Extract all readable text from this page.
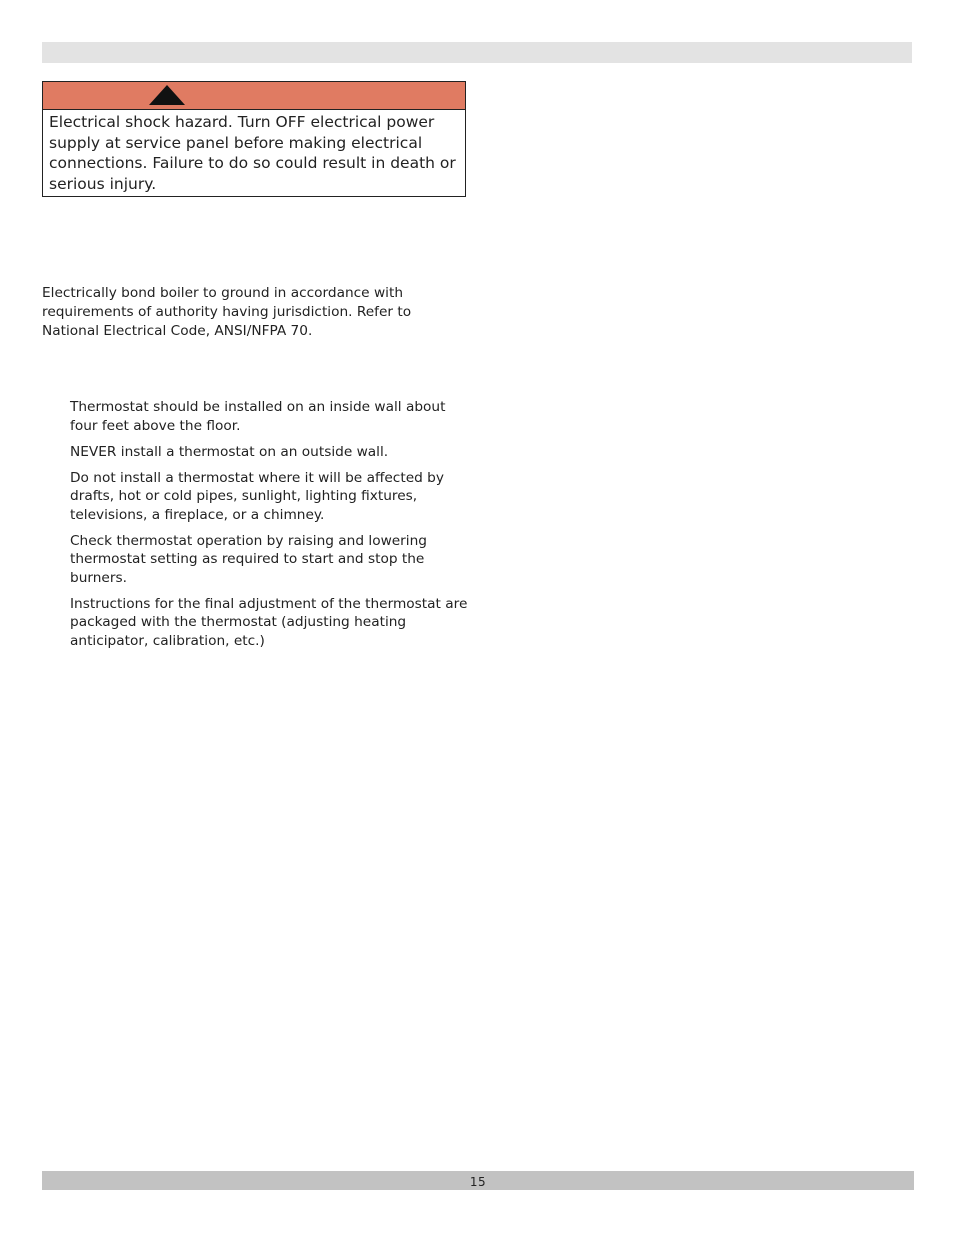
Electrical shock hazard. Turn OFF electrical power supply at service panel before making electrical connections. Failure to do so could result in death or serious injury.

Electrically bond boiler to ground in accordance with requirements of authority having jurisdiction. Refer to National Electrical Code, ANSI/NFPA 70.

Thermostat should be installed on an inside wall about four feet above the floor.
NEVER install a thermostat on an outside wall.
Do not install a thermostat where it will be affected by drafts, hot or cold pipes, sunlight, lighting fixtures, televisions, a fireplace, or a chimney.
Check thermostat operation by raising and lowering thermostat setting as required to start and stop the burners.
Instructions for the final adjustment of the thermostat are packaged with the thermostat (adjusting heating anticipator, calibration, etc.)
15
